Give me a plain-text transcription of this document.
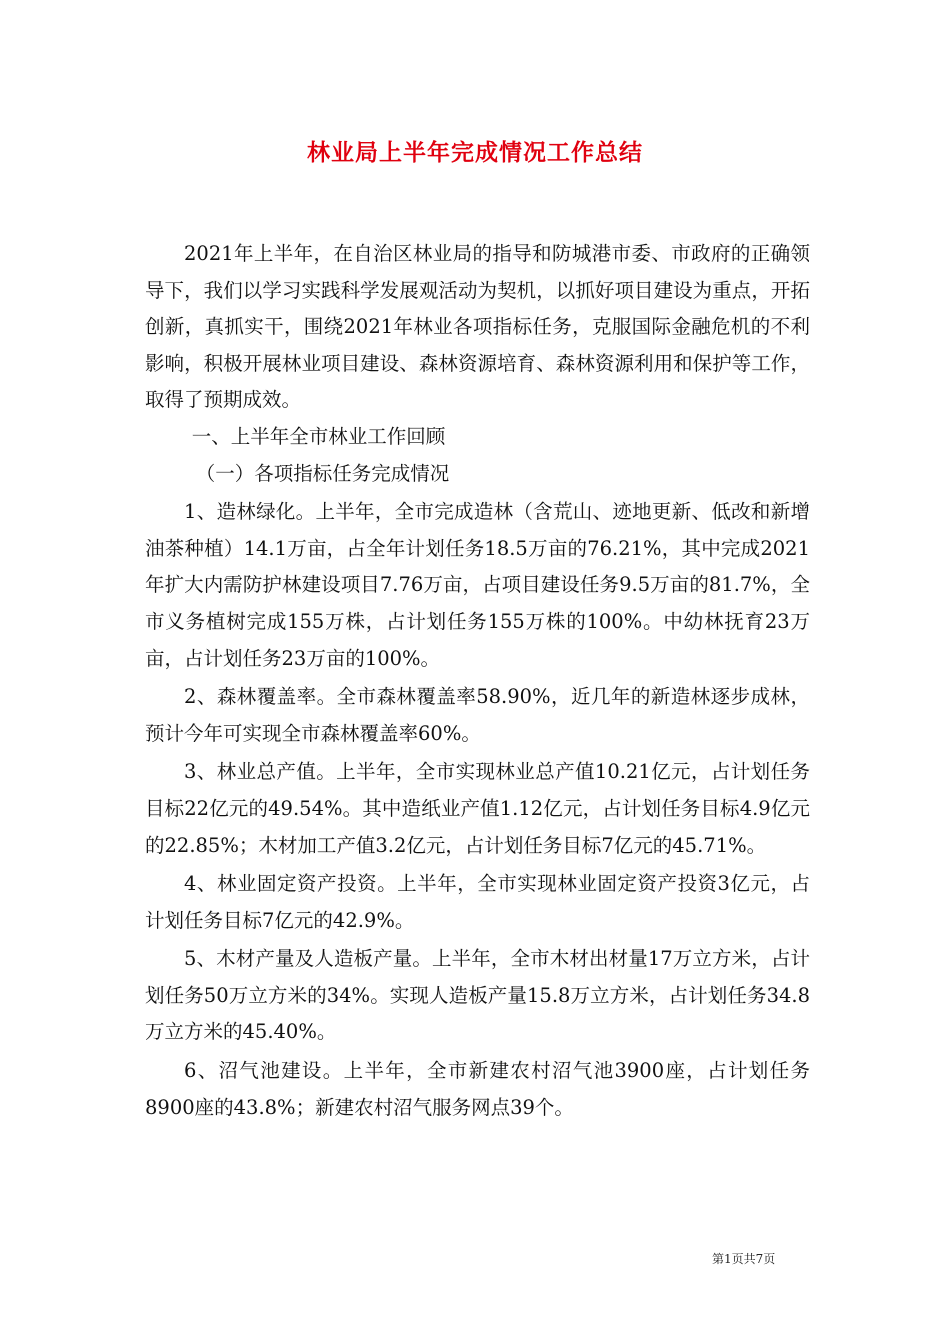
林业局上半年完成情况工作总结

2021年上半年，在自治区林业局的指导和防城港市委、市政府的正确领导下，我们以学习实践科学发展观活动为契机，以抓好项目建设为重点，开拓创新，真抓实干，围绕2021年林业各项指标任务，克服国际金融危机的不利影响，积极开展林业项目建设、森林资源培育、森林资源利用和保护等工作，取得了预期成效。

一、上半年全市林业工作回顾

（一）各项指标任务完成情况

1、造林绿化。上半年，全市完成造林（含荒山、迹地更新、低改和新增油茶种植）14.1万亩，占全年计划任务18.5万亩的76.21%，其中完成2021年扩大内需防护林建设项目7.76万亩，占项目建设任务9.5万亩的81.7%，全市义务植树完成155万株，占计划任务155万株的100%。中幼林抚育23万亩，占计划任务23万亩的100%。

2、森林覆盖率。全市森林覆盖率58.90%，近几年的新造林逐步成林，预计今年可实现全市森林覆盖率60%。

3、林业总产值。上半年，全市实现林业总产值10.21亿元，占计划任务目标22亿元的49.54%。其中造纸业产值1.12亿元，占计划任务目标4.9亿元的22.85%；木材加工产值3.2亿元，占计划任务目标7亿元的45.71%。

4、林业固定资产投资。上半年，全市实现林业固定资产投资3亿元，占计划任务目标7亿元的42.9%。

5、木材产量及人造板产量。上半年，全市木材出材量17万立方米，占计划任务50万立方米的34%。实现人造板产量15.8万立方米，占计划任务34.8万立方米的45.40%。

6、沼气池建设。上半年，全市新建农村沼气池3900座，占计划任务8900座的43.8%；新建农村沼气服务网点39个。

第1页共7页
